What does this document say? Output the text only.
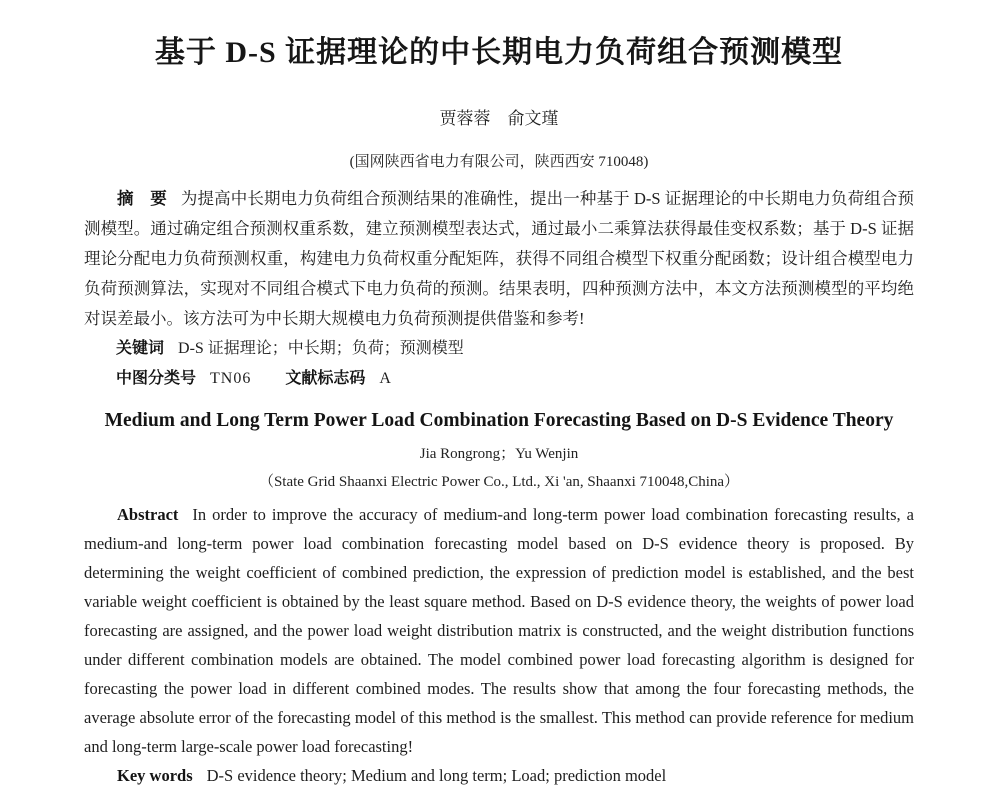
基于 D-S 证据理论的中长期电力负荷组合预测模型
贾蓉蓉　俞文瑾
(国网陕西省电力有限公司，陕西西安 710048)

摘　要 为提高中长期电力负荷组合预测结果的准确性，提出一种基于 D-S 证据理论的中长期电力负荷组合预测模型。通过确定组合预测权重系数，建立预测模型表达式，通过最小二乘算法获得最佳变权系数；基于 D-S 证据理论分配电力负荷预测权重，构建电力负荷权重分配矩阵，获得不同组合模型下权重分配函数；设计组合模型电力负荷预测算法，实现对不同组合模式下电力负荷的预测。结果表明，四种预测方法中，本文方法预测模型的平均绝对误差最小。该方法可为中长期大规模电力负荷预测提供借鉴和参考!

关键词 D-S 证据理论；中长期；负荷；预测模型

中图分类号 TN06 文献标志码 A

Medium and Long Term Power Load Combination Forecasting Based on D-S Evidence Theory
Jia Rongrong；Yu Wenjin
（State Grid Shaanxi Electric Power Co., Ltd., Xi 'an, Shaanxi 710048,China）

Abstract In order to improve the accuracy of medium-and long-term power load combination forecasting results, a medium-and long-term power load combination forecasting model based on D-S evidence theory is proposed. By determining the weight coefficient of combined prediction, the expression of prediction model is established, and the best variable weight coefficient is obtained by the least square method. Based on D-S evidence theory, the weights of power load forecasting are assigned, and the power load weight distribution matrix is constructed, and the weight distribution functions under different combination models are obtained. The model combined power load forecasting algorithm is designed for forecasting the power load in different combined modes. The results show that among the four forecasting methods, the average absolute error of the forecasting model of this method is the smallest. This method can provide reference for medium and long-term large-scale power load forecasting!

Key words D-S evidence theory; Medium and long term; Load; prediction model
